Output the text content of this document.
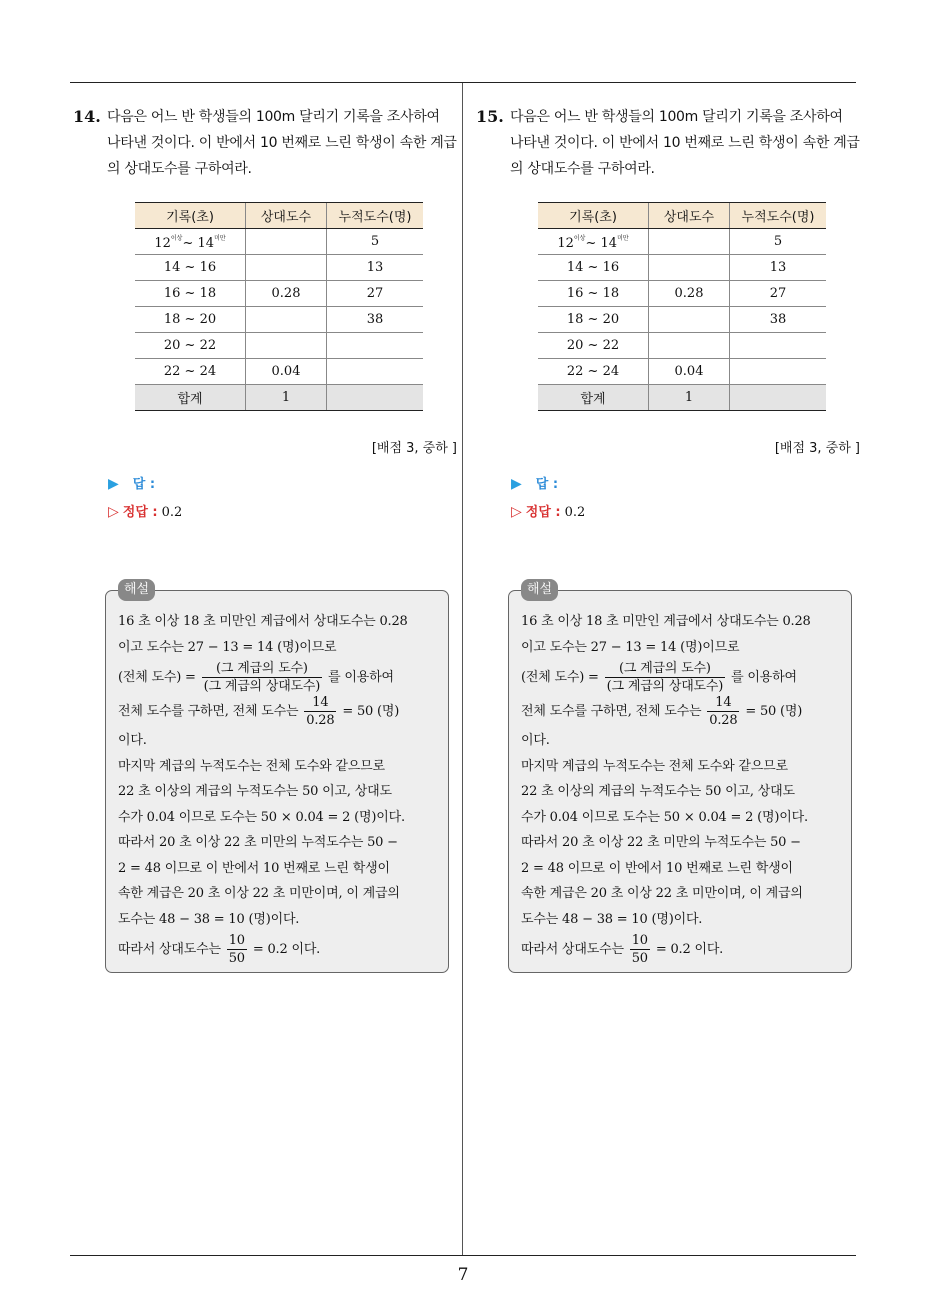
7
14. 다음은 어느 반 학생들의 100m 달리기 기록을 조사하여 나타낸 것이다. 이 반에서 10 번째로 느린 학생이 속한 계급의 상대도수를 구하여라.
기록(초)	상대도수	누적도수(명)
$12^{이상}\sim$ $14^{미만}$		5
14 ~ 16		13
16 ~ 18	0.28	27
18 ~ 20		38
20 ~ 22		
22 ~ 24	0.04	
합계	1	
[배점 3, 중하 ]
▶ 답 :
▷ 정답 : 0.2
해설
16 초 이상 18 초 미만인 계급에서 상대도수는 0.28
이고 도수는 27 − 13 = 14 (명)이므로
(전체 도수) = $\frac{\text{(그 계급의 도수)}}{\text{(그 계급의 상대도수)}}$ 를 이용하여
전체 도수를 구하면, 전체 도수는 $\frac{14}{0.28} = 50$ (명)
이다.
마지막 계급의 누적도수는 전체 도수와 같으므로
22 초 이상의 계급의 누적도수는 50 이고, 상대도
수가 0.04 이므로 도수는 50 × 0.04 = 2 (명)이다.
따라서 20 초 이상 22 초 미만의 누적도수는 50 −
2 = 48 이므로 이 반에서 10 번째로 느린 학생이
속한 계급은 20 초 이상 22 초 미만이며, 이 계급의
도수는 48 − 38 = 10 (명)이다.
따라서 상대도수는 $\frac{10}{50} = 0.2$ 이다.
15. 다음은 어느 반 학생들의 100m 달리기 기록을 조사하여 나타낸 것이다. 이 반에서 10 번째로 느린 학생이 속한 계급의 상대도수를 구하여라.
기록(초)	상대도수	누적도수(명)
$12^{이상}\sim$ $14^{미만}$		5
14 ~ 16		13
16 ~ 18	0.28	27
18 ~ 20		38
20 ~ 22		
22 ~ 24	0.04	
합계	1	
[배점 3, 중하 ]
▶ 답 :
▷ 정답 : 0.2
해설
16 초 이상 18 초 미만인 계급에서 상대도수는 0.28
이고 도수는 27 − 13 = 14 (명)이므로
(전체 도수) = $\frac{\text{(그 계급의 도수)}}{\text{(그 계급의 상대도수)}}$ 를 이용하여
전체 도수를 구하면, 전체 도수는 $\frac{14}{0.28} = 50$ (명)
이다.
마지막 계급의 누적도수는 전체 도수와 같으므로
22 초 이상의 계급의 누적도수는 50 이고, 상대도
수가 0.04 이므로 도수는 50 × 0.04 = 2 (명)이다.
따라서 20 초 이상 22 초 미만의 누적도수는 50 −
2 = 48 이므로 이 반에서 10 번째로 느린 학생이
속한 계급은 20 초 이상 22 초 미만이며, 이 계급의
도수는 48 − 38 = 10 (명)이다.
따라서 상대도수는 $\frac{10}{50} = 0.2$ 이다.
